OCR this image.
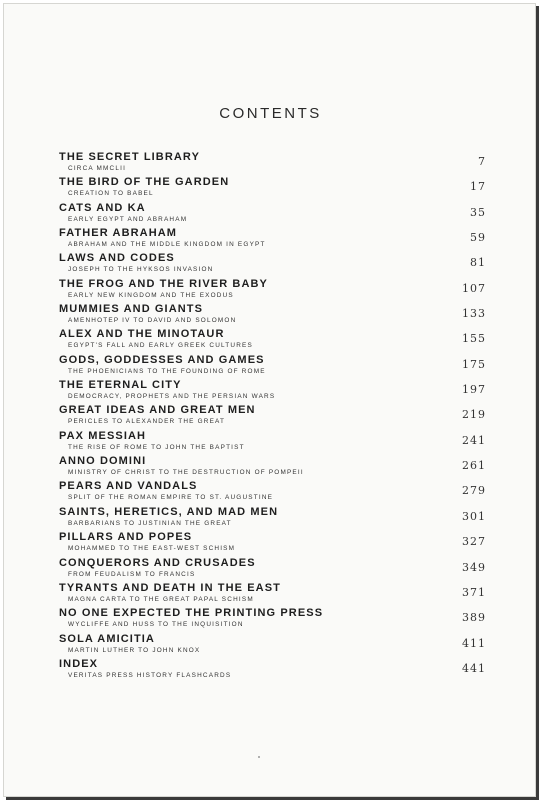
CONTENTS
THE SECRET LIBRARY
CIRCA MMCLII
7
THE BIRD OF THE GARDEN
CREATION TO BABEL
17
CATS AND KA
EARLY EGYPT AND ABRAHAM
35
FATHER ABRAHAM
ABRAHAM AND THE MIDDLE KINGDOM IN EGYPT
59
LAWS AND CODES
JOSEPH TO THE HYKSOS INVASION
81
THE FROG AND THE RIVER BABY
EARLY NEW KINGDOM AND THE EXODUS
107
MUMMIES AND GIANTS
AMENHOTEP IV TO DAVID AND SOLOMON
133
ALEX AND THE MINOTAUR
EGYPT'S FALL AND EARLY GREEK CULTURES
155
GODS, GODDESSES AND GAMES
THE PHOENICIANS TO THE FOUNDING OF ROME
175
THE ETERNAL CITY
DEMOCRACY, PROPHETS AND THE PERSIAN WARS
197
GREAT IDEAS AND GREAT MEN
PERICLES TO ALEXANDER THE GREAT
219
PAX MESSIAH
THE RISE OF ROME TO JOHN THE BAPTIST
241
ANNO DOMINI
MINISTRY OF CHRIST TO THE DESTRUCTION OF POMPEII
261
PEARS AND VANDALS
SPLIT OF THE ROMAN EMPIRE TO ST. AUGUSTINE
279
SAINTS, HERETICS, AND MAD MEN
BARBARIANS TO JUSTINIAN THE GREAT
301
PILLARS AND POPES
MOHAMMED TO THE EAST-WEST SCHISM
327
CONQUERORS AND CRUSADES
FROM FEUDALISM TO FRANCIS
349
TYRANTS AND DEATH IN THE EAST
MAGNA CARTA TO THE GREAT PAPAL SCHISM
371
NO ONE EXPECTED THE PRINTING PRESS
WYCLIFFE AND HUSS TO THE INQUISITION
389
SOLA AMICITIA
MARTIN LUTHER TO JOHN KNOX
411
INDEX
VERITAS PRESS HISTORY FLASHCARDS
441
